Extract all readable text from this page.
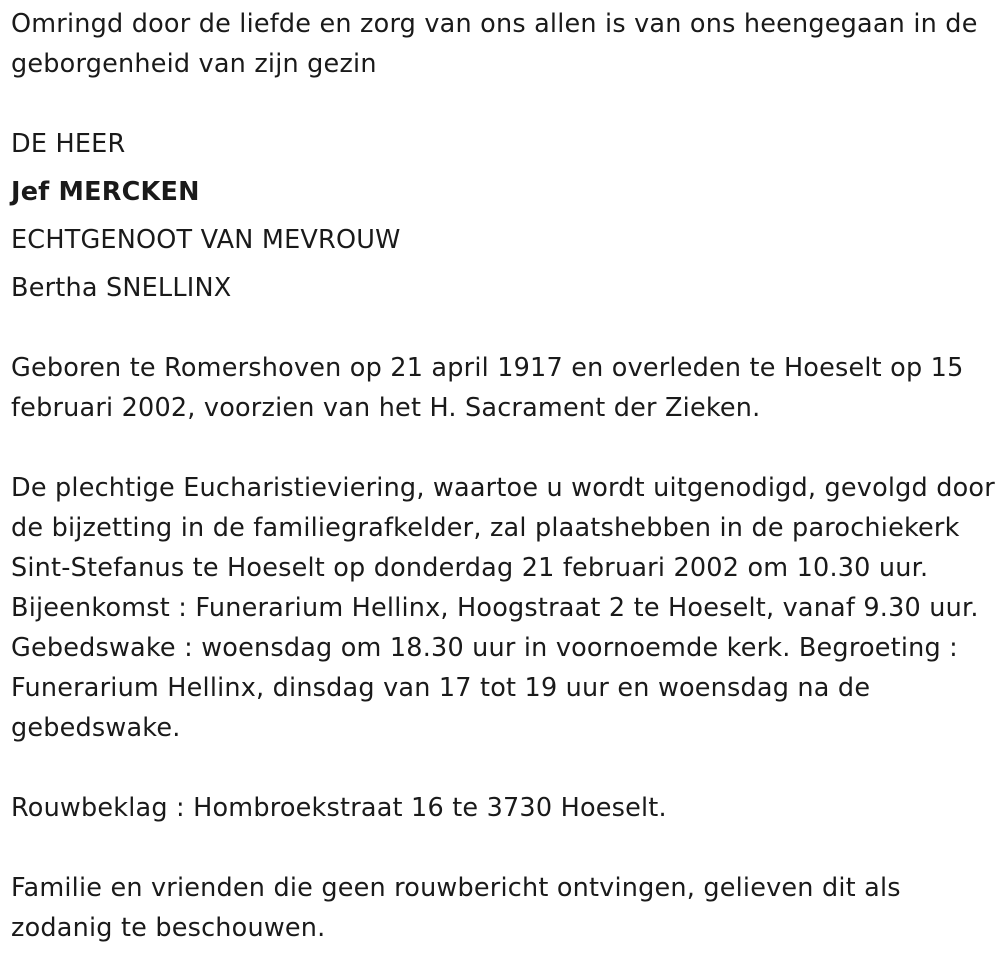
Omringd door de liefde en zorg van ons allen is van ons heengegaan in de geborgenheid van zijn gezin

DE HEER

Jef MERCKEN

ECHTGENOOT VAN MEVROUW

Bertha SNELLINX

Geboren te Romershoven op 21 april 1917 en overleden te Hoeselt op 15 februari 2002, voorzien van het H. Sacrament der Zieken.

De plechtige Eucharistieviering, waartoe u wordt uitgenodigd, gevolgd door de bijzetting in de familiegrafkelder, zal plaatshebben in de parochiekerk Sint-Stefanus te Hoeselt op donderdag 21 februari 2002 om 10.30 uur. Bijeenkomst : Funerarium Hellinx, Hoogstraat 2 te Hoeselt, vanaf 9.30 uur. Gebedswake : woensdag om 18.30 uur in voornoemde kerk. Begroeting : Funerarium Hellinx, dinsdag van 17 tot 19 uur en woensdag na de gebedswake.

Rouwbeklag : Hombroekstraat 16 te 3730 Hoeselt.

Familie en vrienden die geen rouwbericht ontvingen, gelieven dit als zodanig te beschouwen.
